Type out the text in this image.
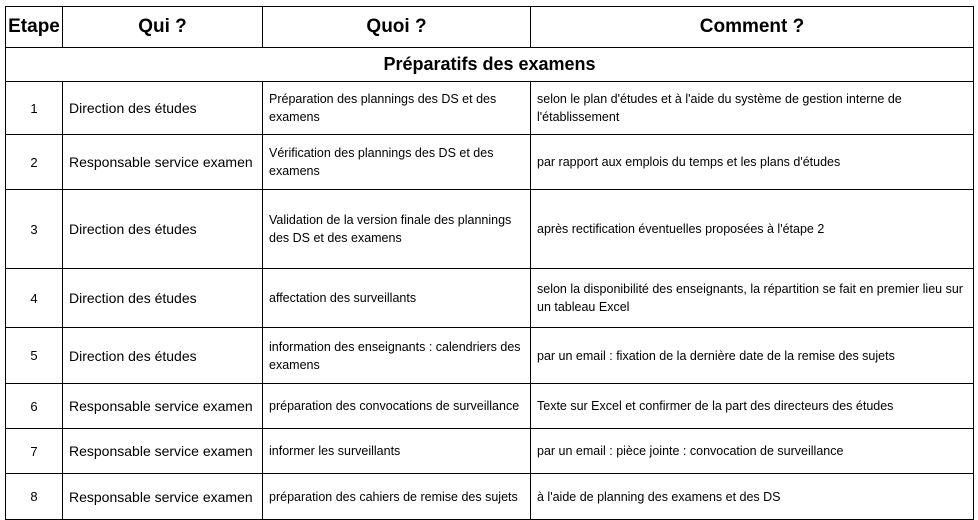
Etape	Qui ?	Quoi ?	Comment ?
Préparatifs des examens			
1	Direction des études	Préparation des plannings des DS et des examens	selon le plan d'études et à l'aide du système de gestion interne de l'établissement
2	Responsable service examen	Vérification des plannings des DS et des examens	par rapport aux emplois du temps et les plans d'études
3	Direction des études	Validation de la version finale des plannings des DS et des examens	après rectification éventuelles proposées à l'étape 2
4	Direction des études	affectation des surveillants	selon la disponibilité des enseignants, la répartition se fait en premier lieu sur un tableau Excel
5	Direction des études	information des enseignants : calendriers des examens	par un email : fixation de la dernière date de la remise des sujets
6	Responsable service examen	préparation des convocations de surveillance	Texte sur Excel et confirmer de la part des directeurs des études
7	Responsable service examen	informer les surveillants	par un email : pièce jointe : convocation de surveillance
8	Responsable service examen	préparation des cahiers de remise des sujets	à l'aide de planning des examens et des DS
